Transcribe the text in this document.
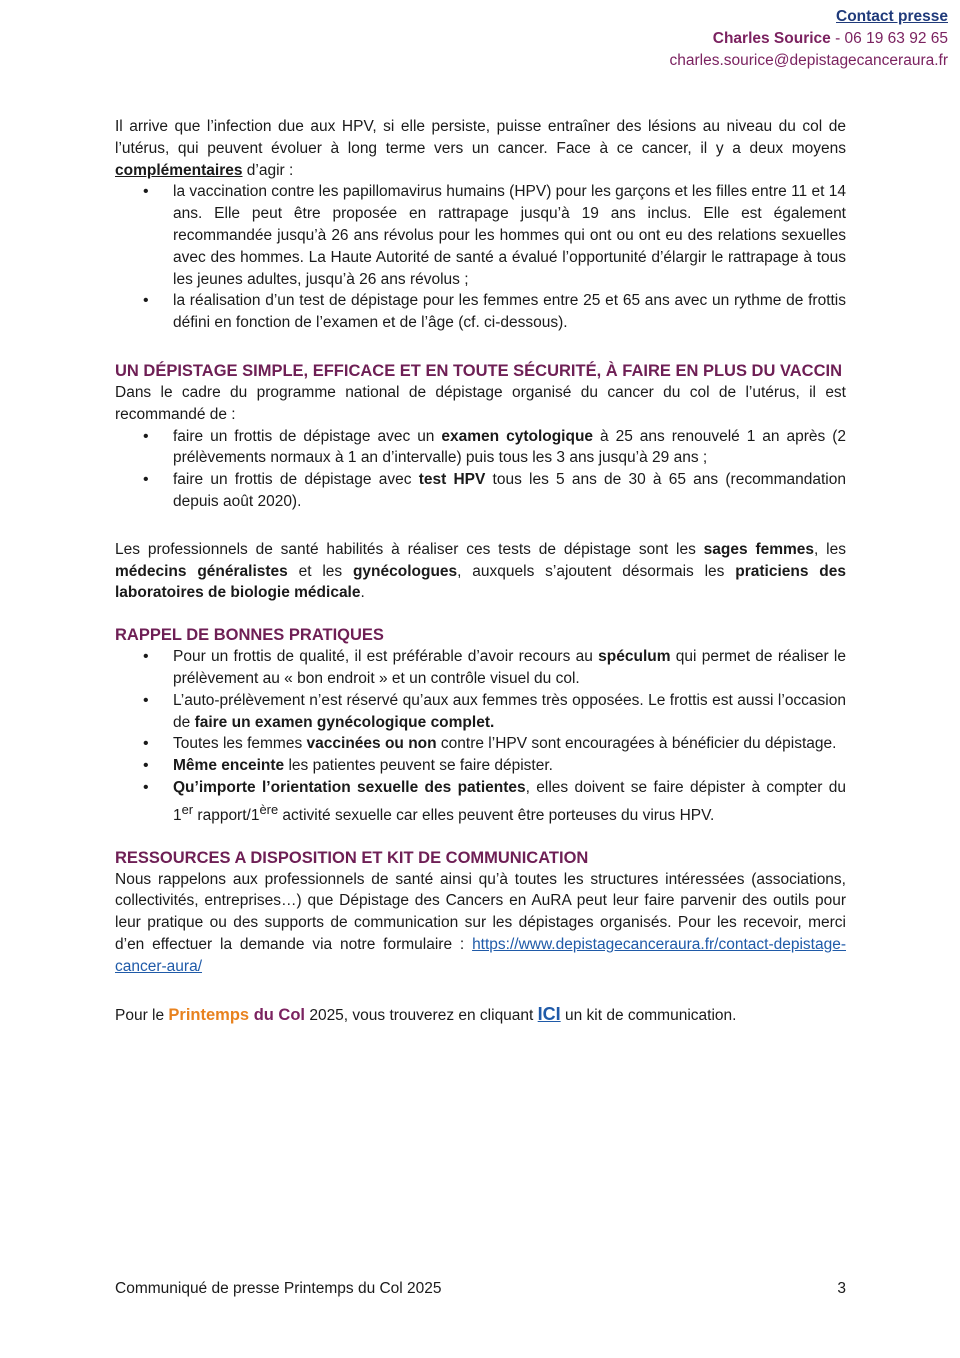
Contact presse
Charles Sourice - 06 19 63 92 65
charles.sourice@depistagecanceraura.fr

Il arrive que l’infection due aux HPV, si elle persiste, puisse entraîner des lésions au niveau du col de l’utérus, qui peuvent évoluer à long terme vers un cancer. Face à ce cancer, il y a deux moyens complémentaires d’agir :

• la vaccination contre les papillomavirus humains (HPV) pour les garçons et les filles entre 11 et 14 ans. Elle peut être proposée en rattrapage jusqu’à 19 ans inclus. Elle est également recommandée jusqu’à 26 ans révolus pour les hommes qui ont ou ont eu des relations sexuelles avec des hommes. La Haute Autorité de santé a évalué l’opportunité d’élargir le rattrapage à tous les jeunes adultes, jusqu’à 26 ans révolus ;
• la réalisation d’un test de dépistage pour les femmes entre 25 et 65 ans avec un rythme de frottis défini en fonction de l’examen et de l’âge (cf. ci-dessous).
UN DÉPISTAGE SIMPLE, EFFICACE ET EN TOUTE SÉCURITÉ, À FAIRE EN PLUS DU VACCIN

Dans le cadre du programme national de dépistage organisé du cancer du col de l’utérus, il est recommandé de :

• faire un frottis de dépistage avec un examen cytologique à 25 ans renouvelé 1 an après (2 prélèvements normaux à 1 an d’intervalle) puis tous les 3 ans jusqu’à 29 ans ;
• faire un frottis de dépistage avec test HPV tous les 5 ans de 30 à 65 ans (recommandation depuis août 2020).

Les professionnels de santé habilités à réaliser ces tests de dépistage sont les sages femmes, les médecins généralistes et les gynécologues, auxquels s’ajoutent désormais les praticiens des laboratoires de biologie médicale.

RAPPEL DE BONNES PRATIQUES
• Pour un frottis de qualité, il est préférable d’avoir recours au spéculum qui permet de réaliser le prélèvement au « bon endroit » et un contrôle visuel du col.
• L’auto-prélèvement n’est réservé qu’aux aux femmes très opposées. Le frottis est aussi l’occasion de faire un examen gynécologique complet.
• Toutes les femmes vaccinées ou non contre l’HPV sont encouragées à bénéficier du dépistage.
• Même enceinte les patientes peuvent se faire dépister.
• Qu’importe l’orientation sexuelle des patientes, elles doivent se faire dépister à compter du 1er rapport/1ère activité sexuelle car elles peuvent être porteuses du virus HPV.
RESSOURCES A DISPOSITION ET KIT DE COMMUNICATION

Nous rappelons aux professionnels de santé ainsi qu’à toutes les structures intéressées (associations, collectivités, entreprises…) que Dépistage des Cancers en AuRA peut leur faire parvenir des outils pour leur pratique ou des supports de communication sur les dépistages organisés. Pour les recevoir, merci d’en effectuer la demande via notre formulaire : https://www.depistagecanceraura.fr/contact-depistage-cancer-aura/

Pour le Printemps du Col 2025, vous trouverez en cliquant ICI un kit de communication.

Communiqué de presse Printemps du Col 2025	3
